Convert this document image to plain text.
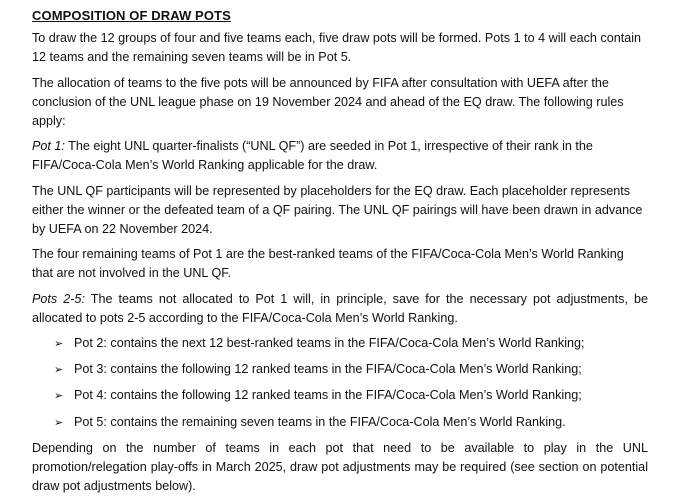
COMPOSITION OF DRAW POTS

To draw the 12 groups of four and five teams each, five draw pots will be formed. Pots 1 to 4 will each contain 12 teams and the remaining seven teams will be in Pot 5.

The allocation of teams to the five pots will be announced by FIFA after consultation with UEFA after the conclusion of the UNL league phase on 19 November 2024 and ahead of the EQ draw. The following rules apply:

Pot 1: The eight UNL quarter-finalists (“UNL QF”) are seeded in Pot 1, irrespective of their rank in the FIFA/Coca-Cola Men’s World Ranking applicable for the draw.

The UNL QF participants will be represented by placeholders for the EQ draw. Each placeholder represents either the winner or the defeated team of a QF pairing. The UNL QF pairings will have been drawn in advance by UEFA on 22 November 2024.

The four remaining teams of Pot 1 are the best-ranked teams of the FIFA/Coca-Cola Men’s World Ranking that are not involved in the UNL QF.

Pots 2-5: The teams not allocated to Pot 1 will, in principle, save for the necessary pot adjustments, be allocated to pots 2-5 according to the FIFA/Coca-Cola Men’s World Ranking.

➢ Pot 2: contains the next 12 best-ranked teams in the FIFA/Coca-Cola Men’s World Ranking;
➢ Pot 3: contains the following 12 ranked teams in the FIFA/Coca-Cola Men’s World Ranking;
➢ Pot 4: contains the following 12 ranked teams in the FIFA/Coca-Cola Men’s World Ranking;
➢ Pot 5: contains the remaining seven teams in the FIFA/Coca-Cola Men’s World Ranking.

Depending on the number of teams in each pot that need to be available to play in the UNL promotion/relegation play-offs in March 2025, draw pot adjustments may be required (see section on potential draw pot adjustments below).
